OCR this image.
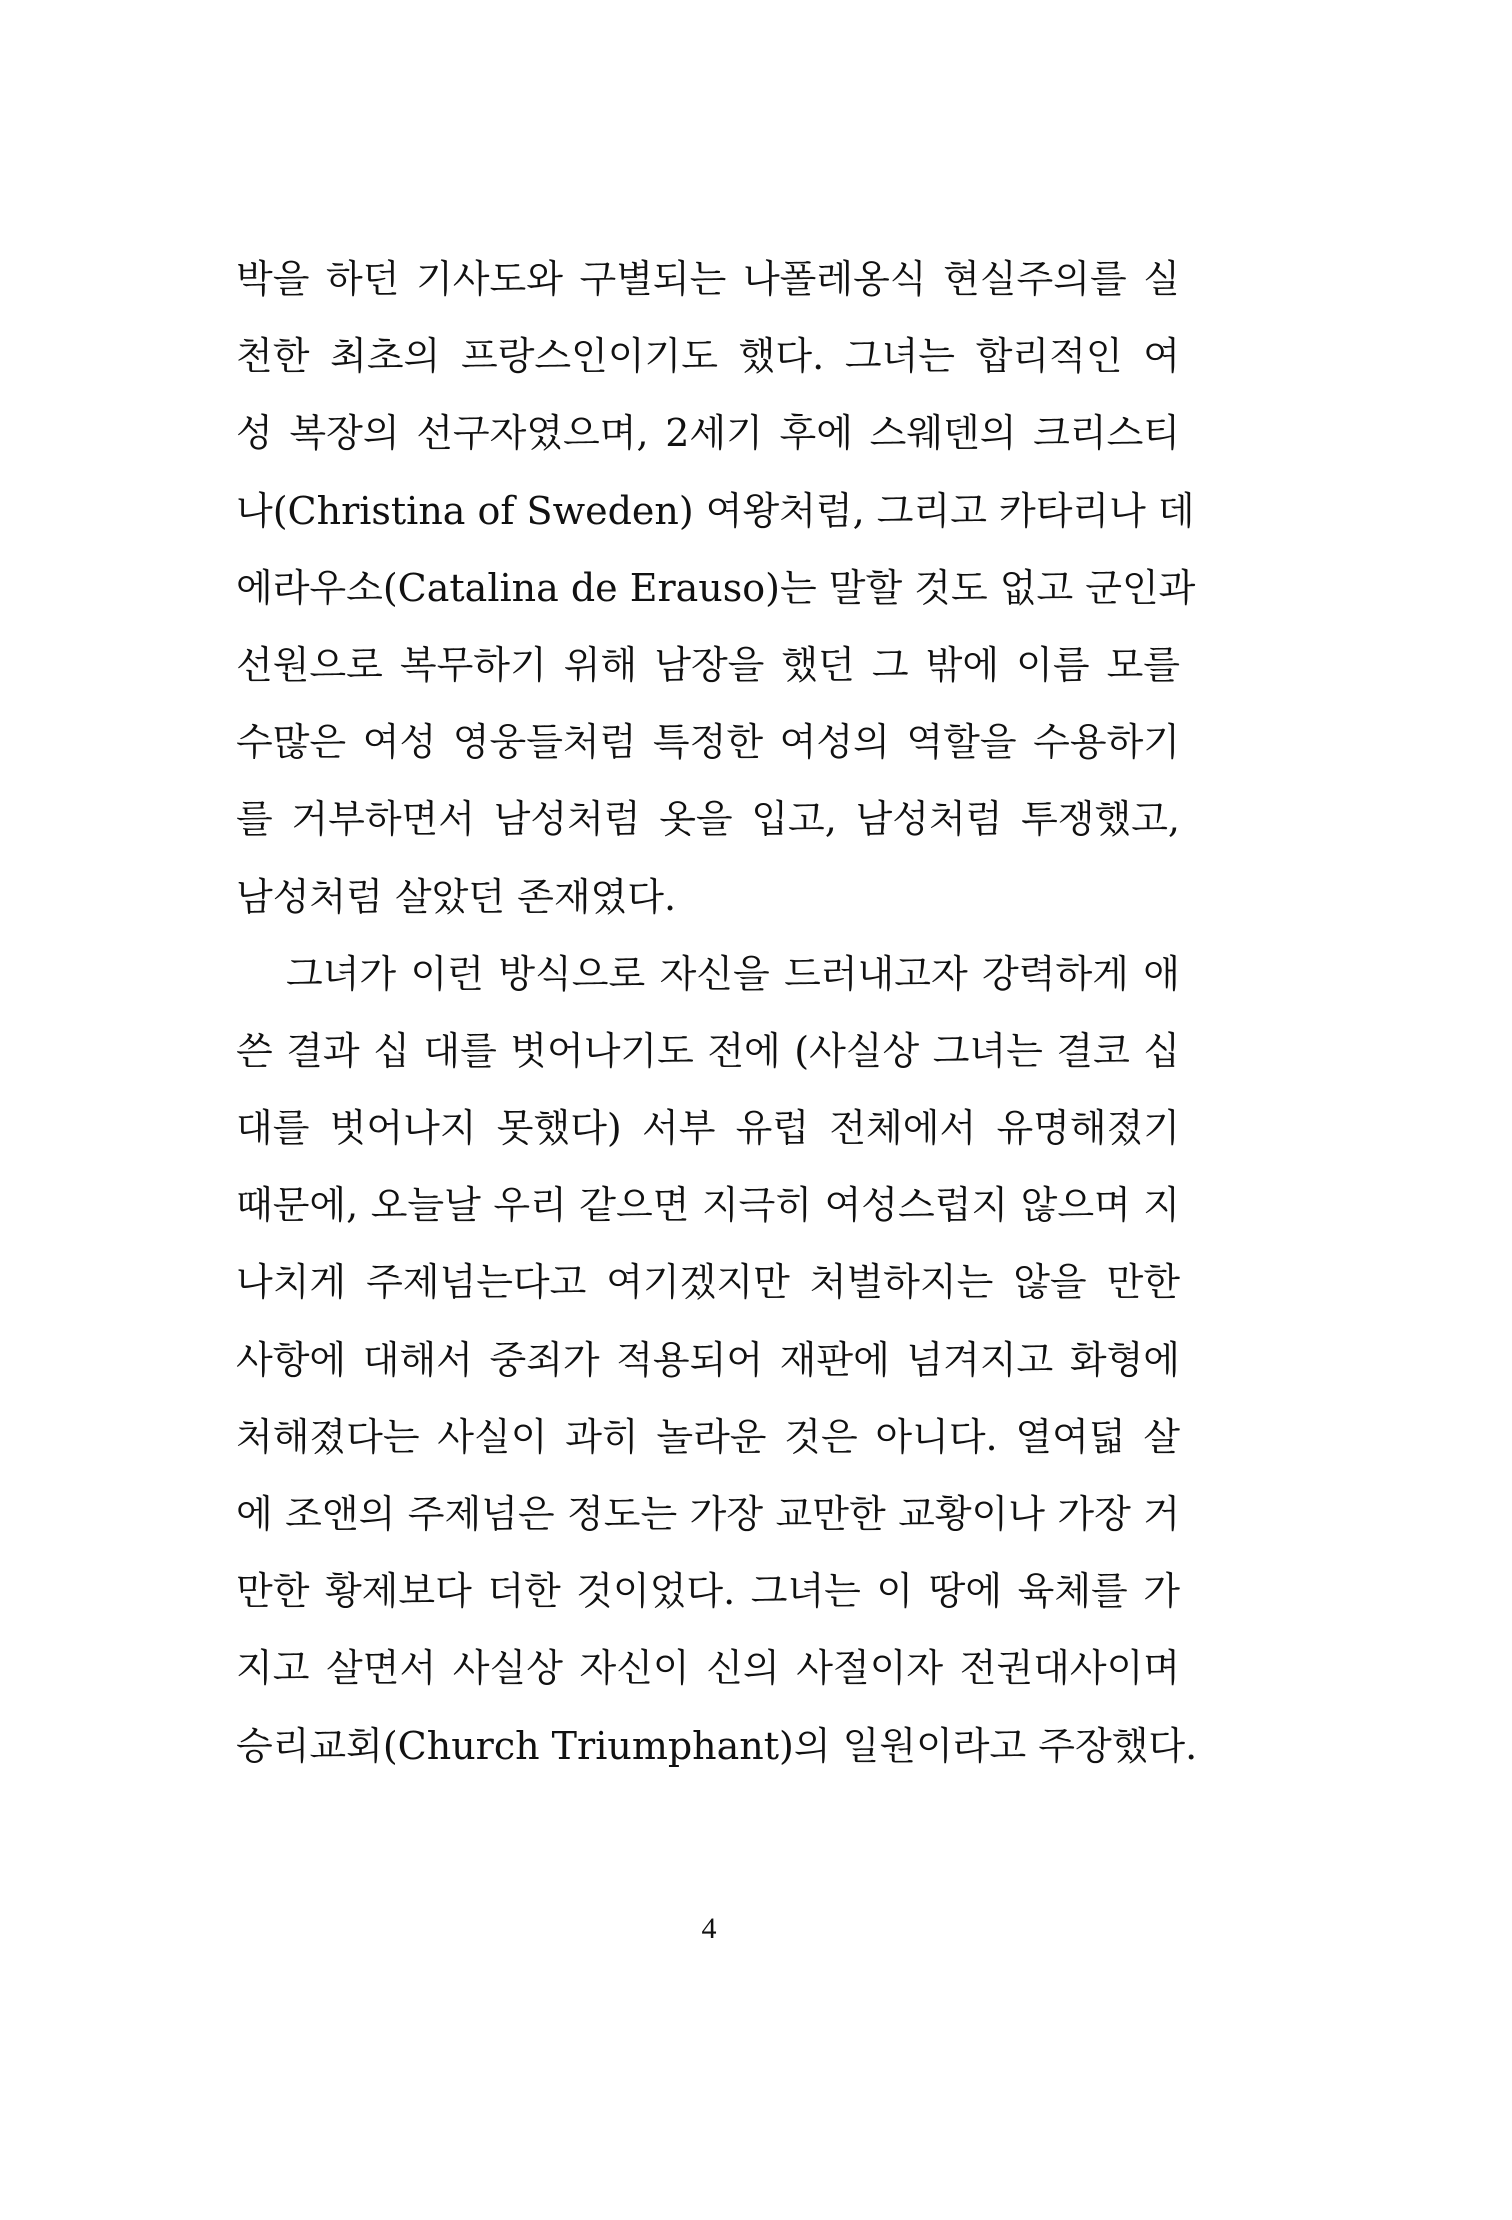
박을 하던 기사도와 구별되는 나폴레옹식 현실주의를 실
천한 최초의 프랑스인이기도 했다. 그녀는 합리적인 여
성 복장의 선구자였으며, 2세기 후에 스웨덴의 크리스티
나(Christina of Sweden) 여왕처럼, 그리고 카타리나 데
에라우소(Catalina de Erauso)는 말할 것도 없고 군인과
선원으로 복무하기 위해 남장을 했던 그 밖에 이름 모를
수많은 여성 영웅들처럼 특정한 여성의 역할을 수용하기
를 거부하면서 남성처럼 옷을 입고, 남성처럼 투쟁했고,
남성처럼 살았던 존재였다.
그녀가 이런 방식으로 자신을 드러내고자 강력하게 애
쓴 결과 십 대를 벗어나기도 전에 (사실상 그녀는 결코 십
대를 벗어나지 못했다) 서부 유럽 전체에서 유명해졌기
때문에, 오늘날 우리 같으면 지극히 여성스럽지 않으며 지
나치게 주제넘는다고 여기겠지만 처벌하지는 않을 만한
사항에 대해서 중죄가 적용되어 재판에 넘겨지고 화형에
처해졌다는 사실이 과히 놀라운 것은 아니다. 열여덟 살
에 조앤의 주제넘은 정도는 가장 교만한 교황이나 가장 거
만한 황제보다 더한 것이었다. 그녀는 이 땅에 육체를 가
지고 살면서 사실상 자신이 신의 사절이자 전권대사이며
승리교회(Church Triumphant)의 일원이라고 주장했다.
4
